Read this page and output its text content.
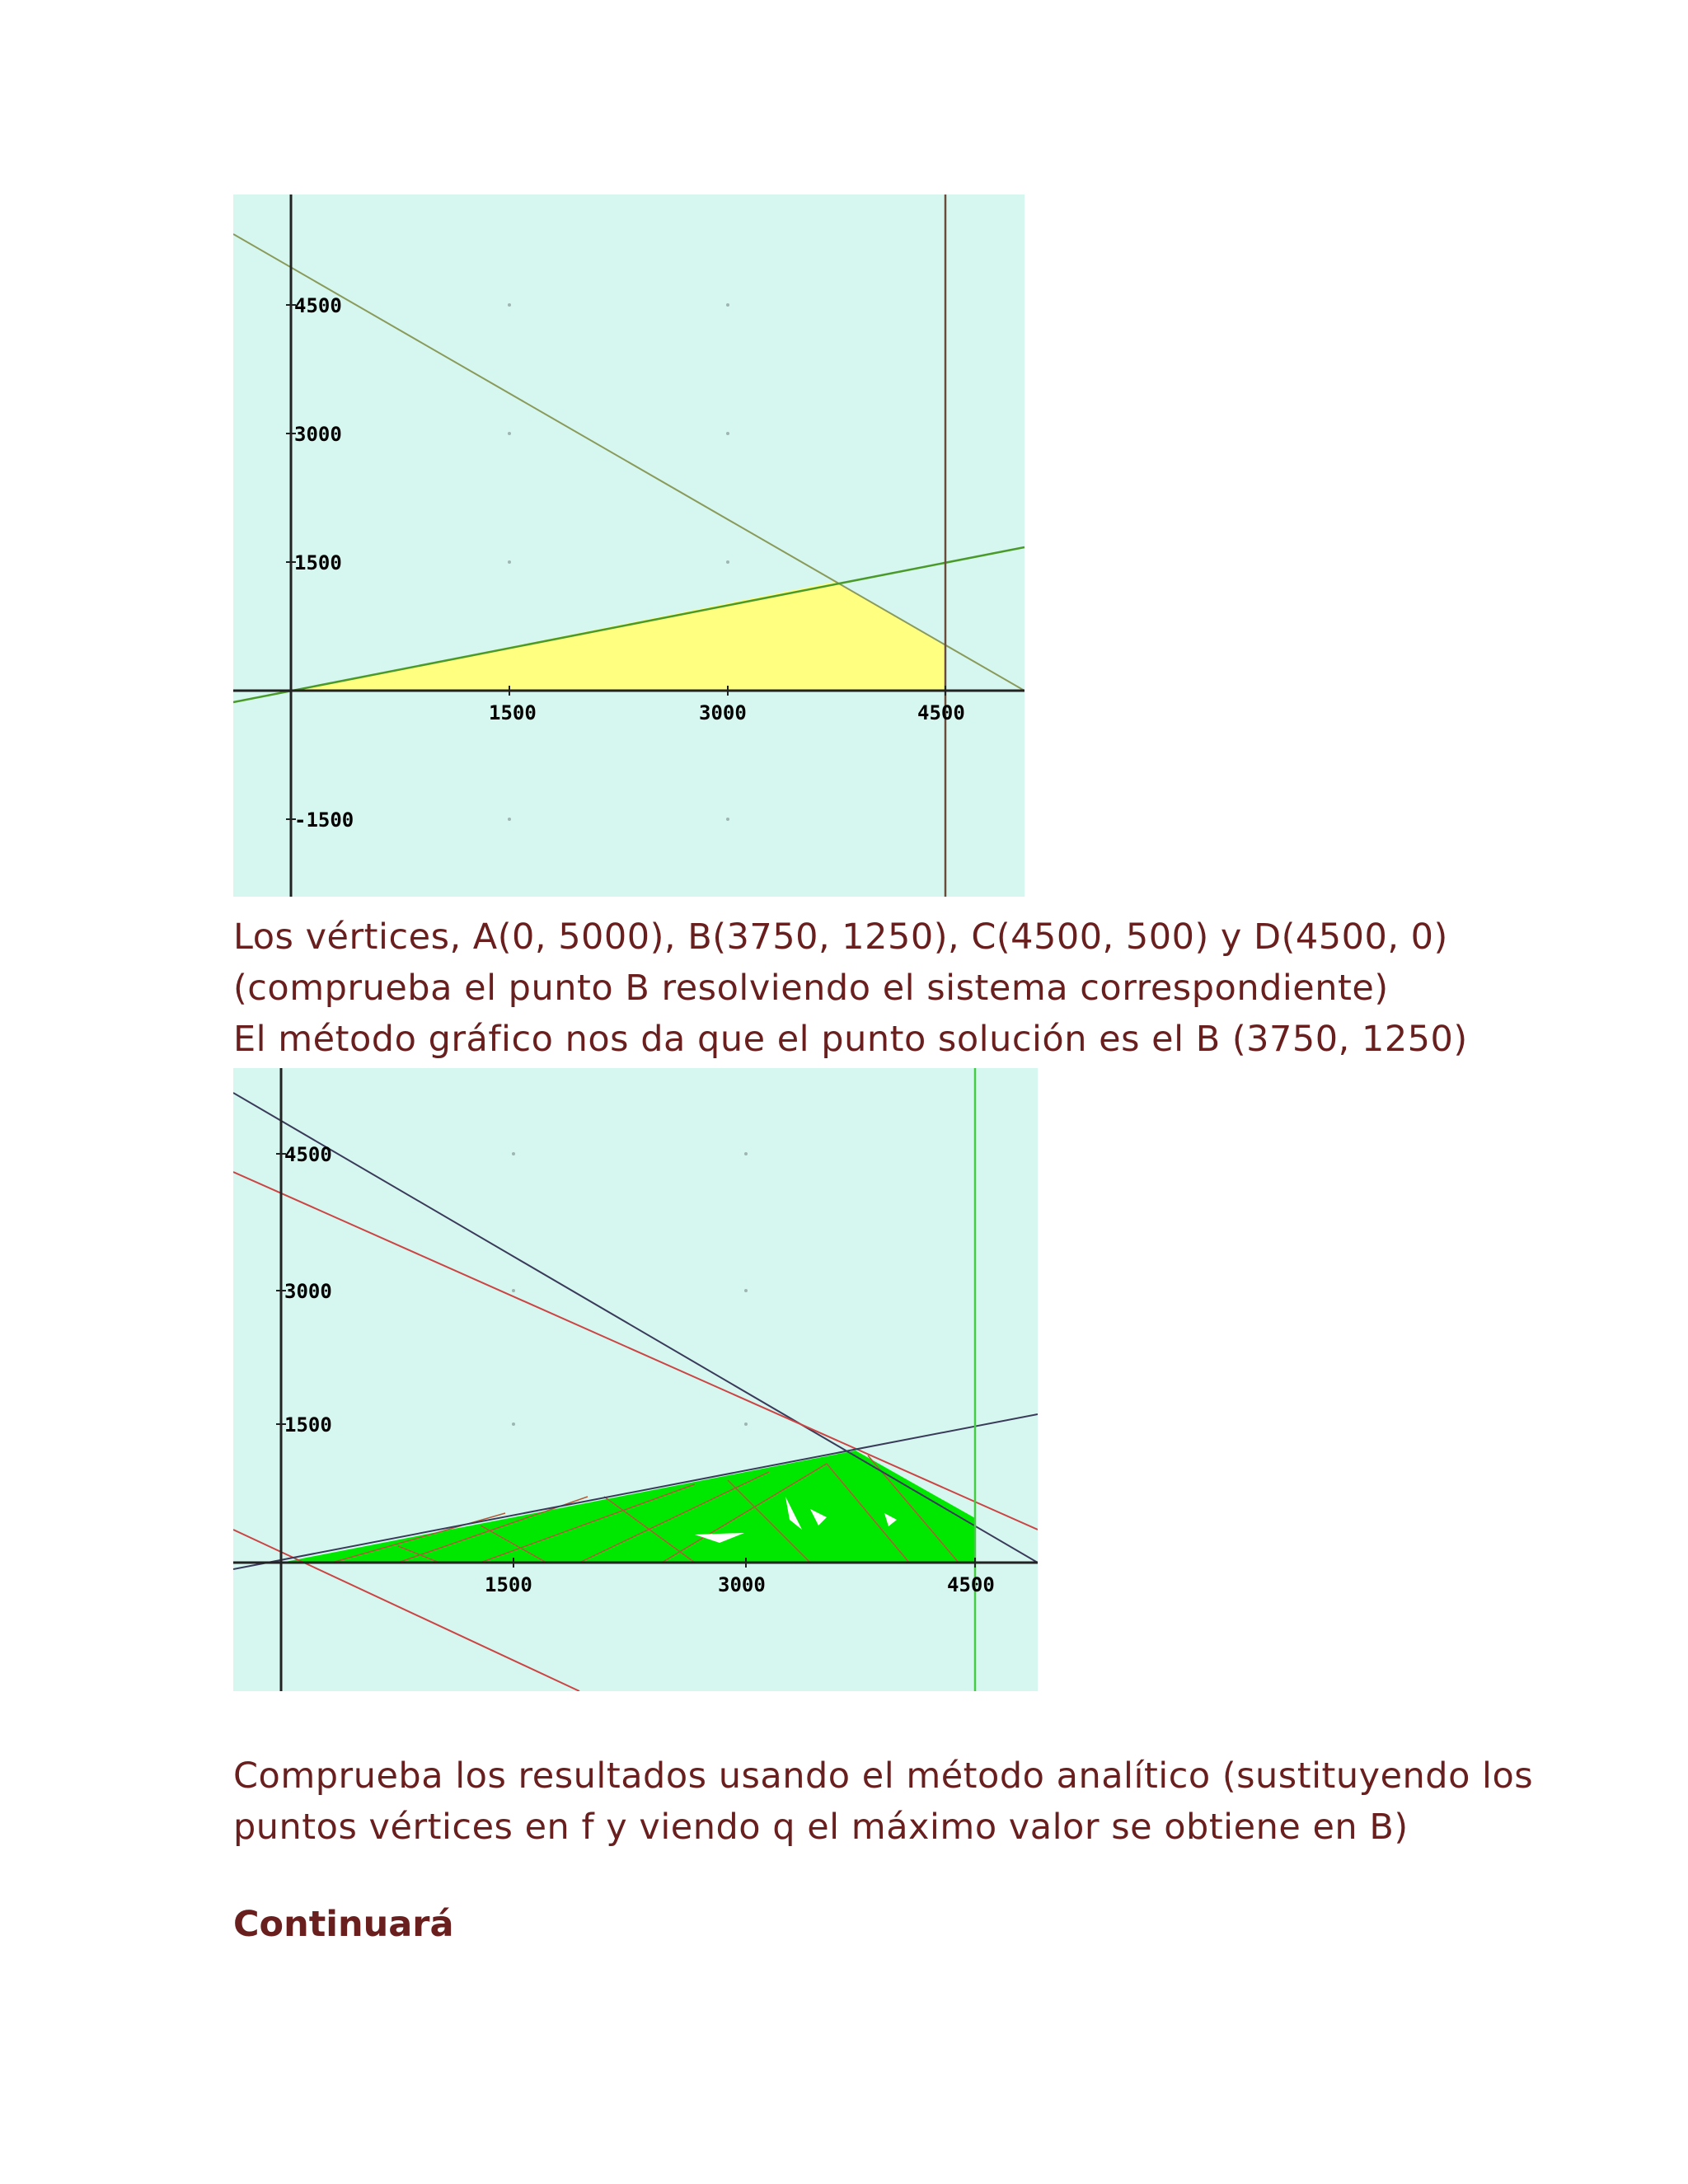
1500	3000	4500
4500
3000
1500
-1500

Los vértices, A(0, 5000), B(3750, 1250), C(4500, 500) y D(4500, 0)

(comprueba el punto B resolviendo el sistema correspondiente)

El método gráfico nos da que el punto solución es el B (3750, 1250)

1500	3000	4500
4500
3000
1500

Comprueba los resultados usando el método analítico (sustituyendo los

puntos vértices en f y viendo q el máximo valor se obtiene en B)

Continuará
